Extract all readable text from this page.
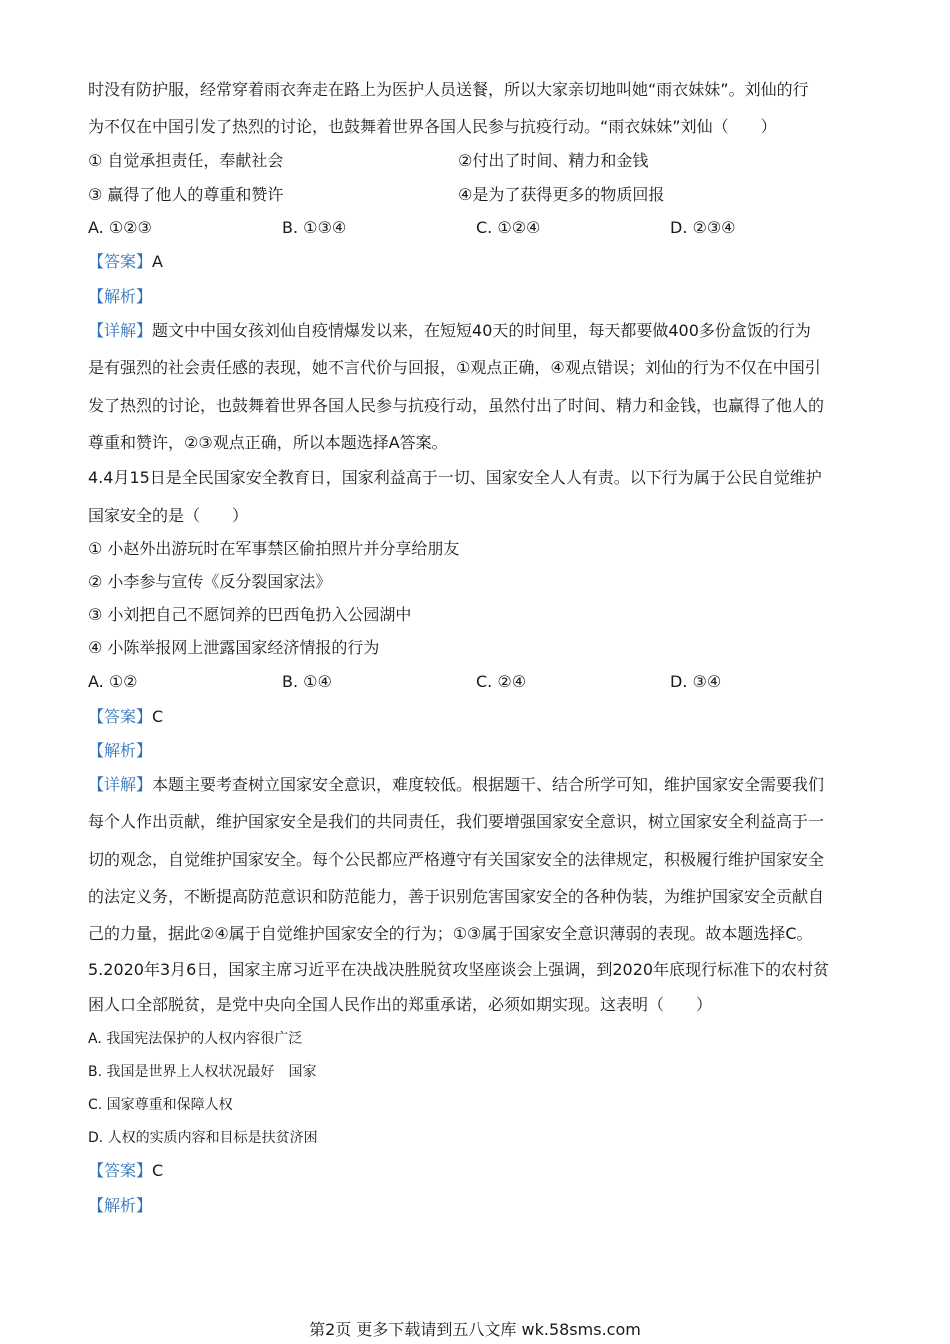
时没有防护服，经常穿着雨衣奔走在路上为医护人员送餐，所以大家亲切地叫她“雨衣妹妹”。刘仙的行
为不仅在中国引发了热烈的讨论，也鼓舞着世界各国人民参与抗疫行动。“雨衣妹妹”刘仙（　　）
① 自觉承担责任，奉献社会	②付出了时间、精力和金钱
③ 赢得了他人的尊重和赞许	④是为了获得更多的物质回报
A. ①②③	B. ①③④	C. ①②④	D. ②③④
【答案】A
【解析】
【详解】题文中中国女孩刘仙自疫情爆发以来，在短短40天的时间里，每天都要做400多份盒饭的行为
是有强烈的社会责任感的表现，她不言代价与回报，①观点正确，④观点错误；刘仙的行为不仅在中国引
发了热烈的讨论，也鼓舞着世界各国人民参与抗疫行动，虽然付出了时间、精力和金钱，也赢得了他人的
尊重和赞许，②③观点正确，所以本题选择A答案。
4.4月15日是全民国家安全教育日，国家利益高于一切、国家安全人人有责。以下行为属于公民自觉维护
国家安全的是（　　）
① 小赵外出游玩时在军事禁区偷拍照片并分享给朋友
② 小李参与宣传《反分裂国家法》
③ 小刘把自己不愿饲养的巴西龟扔入公园湖中
④ 小陈举报网上泄露国家经济情报的行为
A. ①②	B. ①④	C. ②④	D. ③④
【答案】C
【解析】
【详解】本题主要考查树立国家安全意识，难度较低。根据题干、结合所学可知，维护国家安全需要我们
每个人作出贡献，维护国家安全是我们的共同责任，我们要增强国家安全意识，树立国家安全利益高于一
切的观念，自觉维护国家安全。每个公民都应严格遵守有关国家安全的法律规定，积极履行维护国家安全
的法定义务，不断提高防范意识和防范能力，善于识别危害国家安全的各种伪装，为维护国家安全贡献自
己的力量，据此②④属于自觉维护国家安全的行为；①③属于国家安全意识薄弱的表现。故本题选择C。
5.2020年3月6日，国家主席习近平在决战决胜脱贫攻坚座谈会上强调，到2020年底现行标准下的农村贫
困人口全部脱贫，是党中央向全国人民作出的郑重承诺，必须如期实现。这表明（　　）
A. 我国宪法保护的人权内容很广泛
B. 我国是世界上人权状况最好　国家
C. 国家尊重和保障人权
D. 人权的实质内容和目标是扶贫济困
【答案】C
【解析】
第2页 更多下载请到五八文库 wk.58sms.com
